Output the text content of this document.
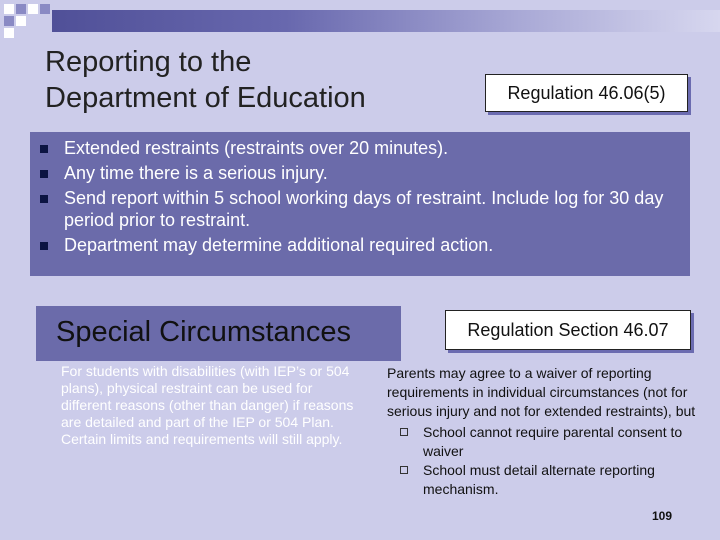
Reporting to the
Department of Education	Regulation 46.06(5)
Extended restraints (restraints over 20 minutes).
Any time there is a serious injury.
Send report within 5 school working days of restraint. Include log for 30 day period prior to restraint.
Department may determine additional required action.
Special Circumstances

For students with disabilities (with IEP’s or 504 plans), physical restraint can be used for different reasons (other than danger) if reasons are detailed and part of the IEP or 504 Plan. Certain limits and requirements will still apply.

Regulation Section 46.07

Parents may agree to a waiver of reporting requirements in individual circumstances (not for serious injury and not for extended restraints), but

School cannot require parental consent to waiver
School must detail alternate reporting mechanism.
109
